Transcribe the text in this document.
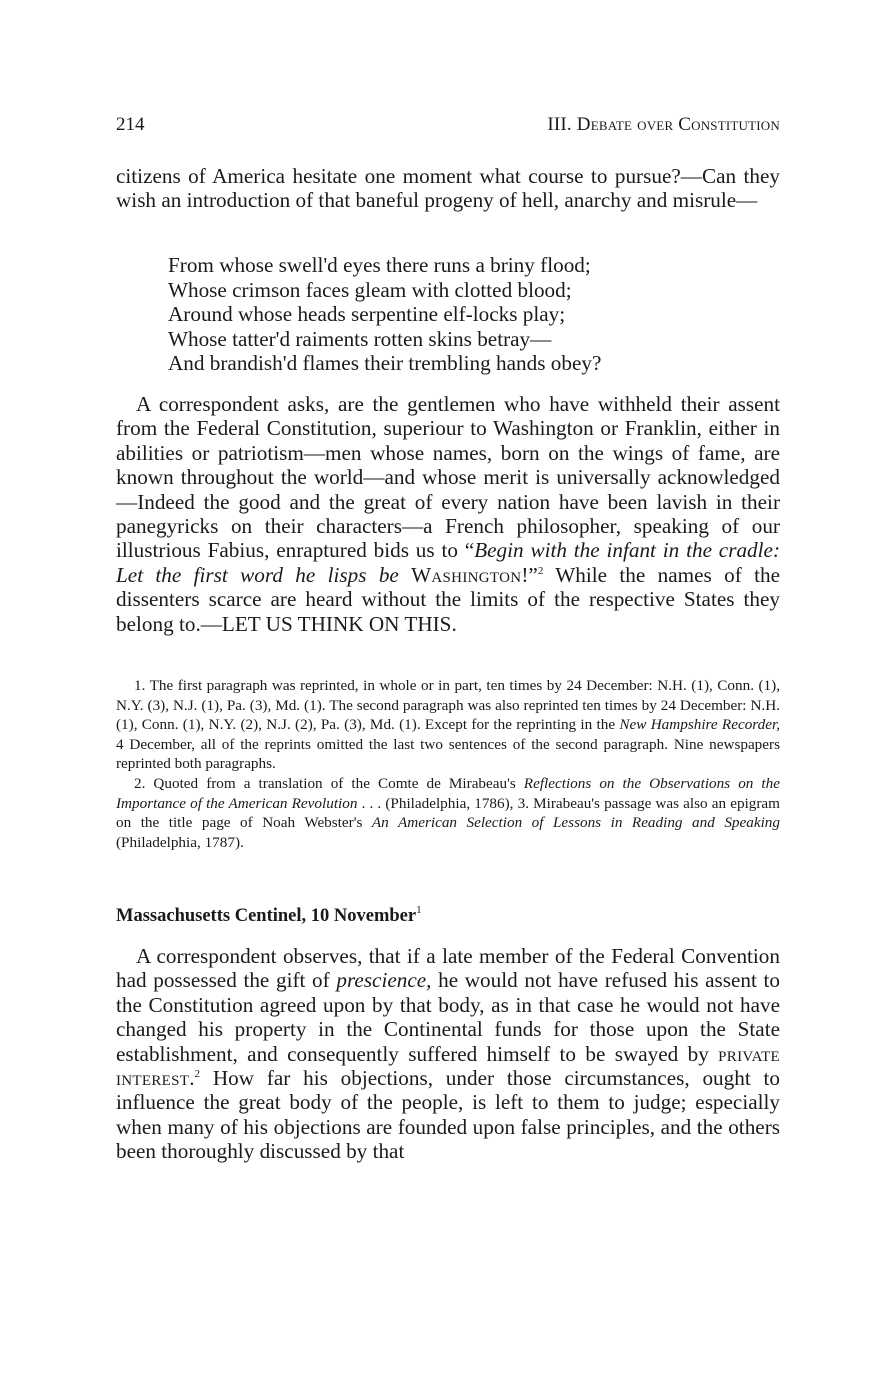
214	III. Debate over Constitution

citizens of America hesitate one moment what course to pursue?—Can they wish an introduction of that baneful progeny of hell, anarchy and misrule—

From whose swell'd eyes there runs a briny flood;
Whose crimson faces gleam with clotted blood;
Around whose heads serpentine elf-locks play;
Whose tatter'd raiments rotten skins betray—
And brandish'd flames their trembling hands obey?

A correspondent asks, are the gentlemen who have withheld their assent from the Federal Constitution, superiour to Washington or Franklin, either in abilities or patriotism—men whose names, born on the wings of fame, are known throughout the world—and whose merit is universally acknowledged—Indeed the good and the great of every nation have been lavish in their panegyricks on their characters—a French philosopher, speaking of our illustrious Fabius, enraptured bids us to “Begin with the infant in the cradle: Let the first word he lisps be Washington!”$^2$ While the names of the dissenters scarce are heard without the limits of the respective States they belong to.—LET US THINK ON THIS.

1. The first paragraph was reprinted, in whole or in part, ten times by 24 December: N.H. (1), Conn. (1), N.Y. (3), N.J. (1), Pa. (3), Md. (1). The second paragraph was also reprinted ten times by 24 December: N.H. (1), Conn. (1), N.Y. (2), N.J. (2), Pa. (3), Md. (1). Except for the reprinting in the New Hampshire Recorder, 4 December, all of the reprints omitted the last two sentences of the second paragraph. Nine newspapers reprinted both paragraphs.

2. Quoted from a translation of the Comte de Mirabeau's Reflections on the Observations on the Importance of the American Revolution . . . (Philadelphia, 1786), 3. Mirabeau's passage was also an epigram on the title page of Noah Webster's An American Selection of Lessons in Reading and Speaking (Philadelphia, 1787).

Massachusetts Centinel, 10 November$^1$

A correspondent observes, that if a late member of the Federal Convention had possessed the gift of prescience, he would not have refused his assent to the Constitution agreed upon by that body, as in that case he would not have changed his property in the Continental funds for those upon the State establishment, and consequently suffered himself to be swayed by private interest.$^2$ How far his objections, under those circumstances, ought to influence the great body of the people, is left to them to judge; especially when many of his objections are founded upon false principles, and the others been thoroughly discussed by that
